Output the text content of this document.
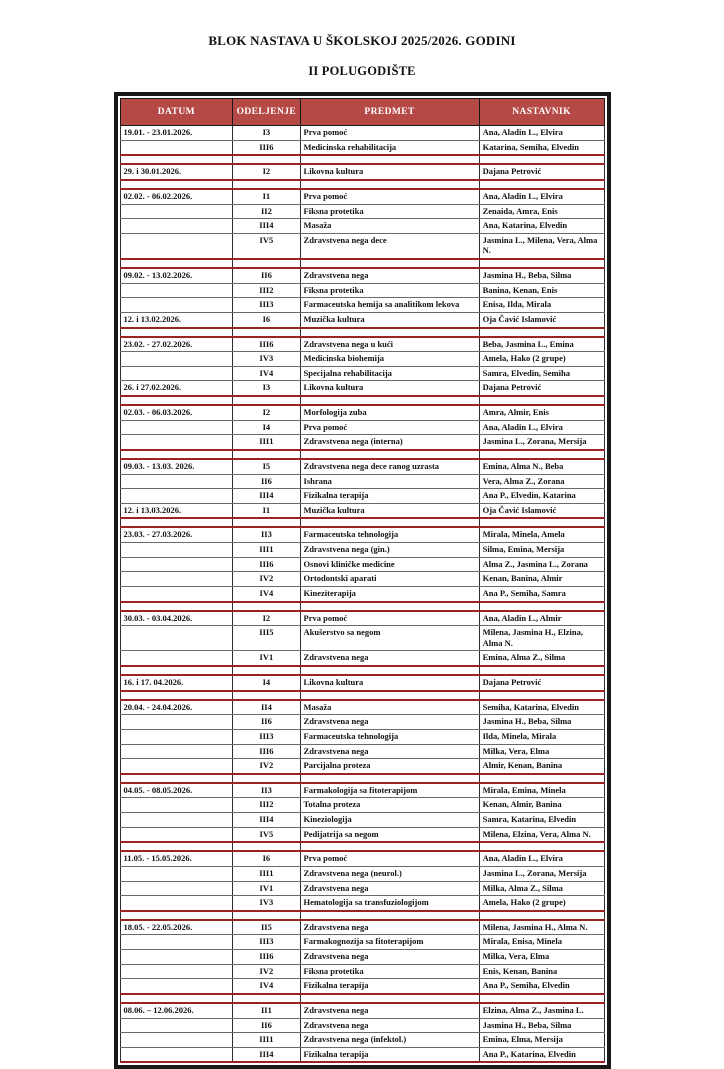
BLOK NASTAVA U ŠKOLSKOJ 2025/2026. GODINI
II POLUGODIŠTE
DATUM	ODELJENJE	PREDMET	NASTAVNIK
19.01. - 23.01.2026.	I3	Prva pomoć	Ana, Aladin L., Elvira
	III6	Medicinska rehabilitacija	Katarina, Semiha, Elvedin

29. i 30.01.2026.	I2	Likovna kultura	Dajana Petrović

02.02. - 06.02.2026.	I1	Prva pomoć	Ana, Aladin L., Elvira
	II2	Fiksna protetika	Zenaida, Amra, Enis
	III4	Masaža	Ana, Katarina, Elvedin
	IV5	Zdravstvena nega dece	Jasmina L., Milena, Vera, Alma N.

09.02. - 13.02.2026.	II6	Zdravstvena nega	Jasmina H., Beba, Silma
	III2	Fiksna protetika	Banina, Kenan, Enis
	III3	Farmaceutska hemija sa analitikom lekova	Enisa, Ilda, Mirala
12. i 13.02.2026.	I6	Muzička kultura	Oja Čavić Islamović

23.02. - 27.02.2026.	III6	Zdravstvena nega u kući	Beba, Jasmina L., Emina
	IV3	Medicinska biohemija	Amela, Hako (2 grupe)
	IV4	Specijalna rehabilitacija	Samra, Elvedin, Semiha
26. i 27.02.2026.	I3	Likovna kultura	Dajana Petrović

02.03. - 06.03.2026.	I2	Morfologija zuba	Amra, Almir, Enis
	I4	Prva pomoć	Ana, Aladin L., Elvira
	III1	Zdravstvena nega (interna)	Jasmina L., Zorana, Mersija

09.03. - 13.03. 2026.	I5	Zdravstvena nega dece ranog uzrasta	Emina, Alma N., Beba
	II6	Ishrana	Vera, Alma Z., Zorana
	III4	Fizikalna terapija	Ana P., Elvedin, Katarina
12. i 13.03.2026.	I1	Muzička kultura	Oja Čavić Islamović

23.03. - 27.03.2026.	II3	Farmaceutska tehnologija	Mirala, Minela, Amela
	III1	Zdravstvena nega (gin.)	Silma, Emina, Mersija
	III6	Osnovi kliničke medicine	Alma Z., Jasmina L., Zorana
	IV2	Ortodontski aparati	Kenan, Banina, Almir
	IV4	Kineziterapija	Ana P., Semiha, Samra

30.03. - 03.04.2026.	I2	Prva pomoć	Ana, Aladin L., Almir
	III5	Akušerstvo sa negom	Milena, Jasmina H., Elzina, Alma N.
	IV1	Zdravstvena nega	Emina, Alma Z., Silma

16. i 17. 04.2026.	I4	Likovna kultura	Dajana Petrović

20.04. - 24.04.2026.	II4	Masaža	Semiha, Katarina, Elvedin
	II6	Zdravstvena nega	Jasmina H., Beba, Silma
	III3	Farmaceutska tehnologija	Ilda, Minela, Mirala
	III6	Zdravstvena nega	Milka, Vera, Elma
	IV2	Parcijalna proteza	Almir, Kenan, Banina

04.05. - 08.05.2026.	II3	Farmakologija sa fitoterapijom	Mirala, Emina, Minela
	III2	Totalna proteza	Kenan, Almir, Banina
	III4	Kineziologija	Samra, Katarina, Elvedin
	IV5	Pedijatrija sa negom	Milena, Elzina, Vera, Alma N.

11.05. - 15.05.2026.	I6	Prva pomoć	Ana, Aladin L., Elvira
	III1	Zdravstvena nega (neurol.)	Jasmina L., Zorana, Mersija
	IV1	Zdravstvena nega	Milka, Alma Z., Silma
	IV3	Hematologija sa transfuziologijom	Amela, Hako (2 grupe)

18.05. - 22.05.2026.	II5	Zdravstvena nega	Milena, Jasmina H., Alma N.
	III3	Farmakognozija sa fitoterapijom	Mirala, Enisa, Minela
	III6	Zdravstvena nega	Milka, Vera, Elma
	IV2	Fiksna protetika	Enis, Kenan, Banina
	IV4	Fizikalna terapija	Ana P., Semiha, Elvedin

08.06. – 12.06.2026.	II1	Zdravstvena nega	Elzina, Alma Z., Jasmina L.
	II6	Zdravstvena nega	Jasmina H., Beba, Silma
	III1	Zdravstvena nega (infektol.)	Emina, Elma, Mersija
	III4	Fizikalna terapija	Ana P., Katarina, Elvedin
